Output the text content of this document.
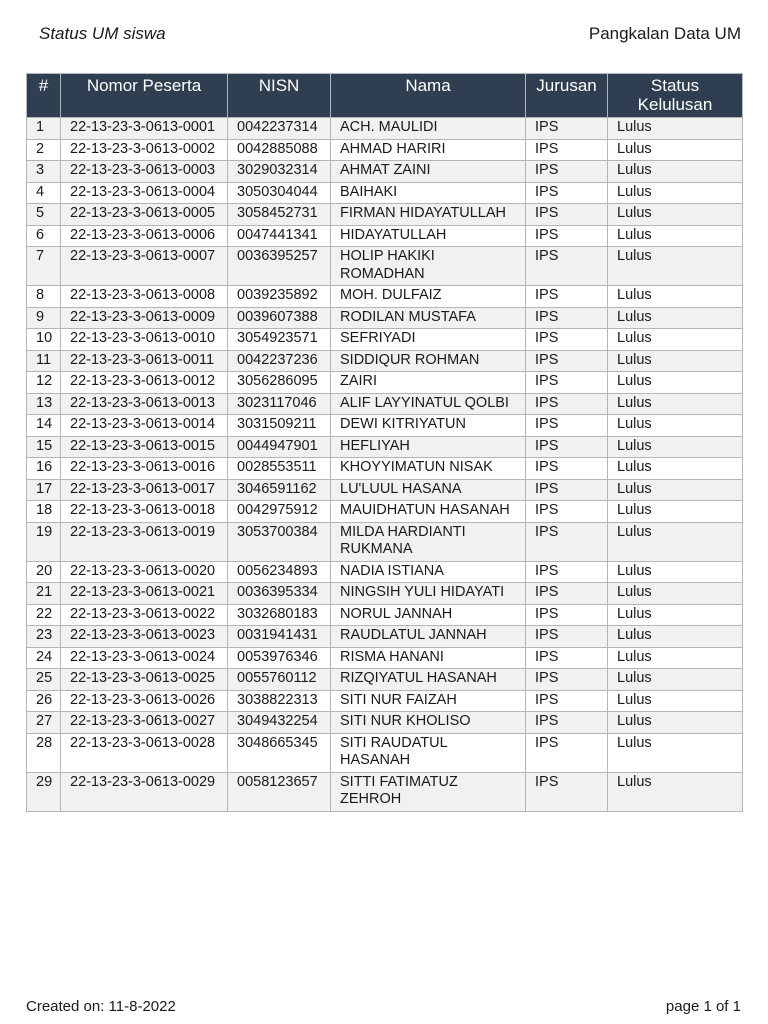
Status UM siswa	Pangkalan Data UM
#	Nomor Peserta	NISN	Nama	Jurusan	Status Kelulusan
1	22-13-23-3-0613-0001	0042237314	ACH. MAULIDI	IPS	Lulus
2	22-13-23-3-0613-0002	0042885088	AHMAD HARIRI	IPS	Lulus
3	22-13-23-3-0613-0003	3029032314	AHMAT ZAINI	IPS	Lulus
4	22-13-23-3-0613-0004	3050304044	BAIHAKI	IPS	Lulus
5	22-13-23-3-0613-0005	3058452731	FIRMAN HIDAYATULLAH	IPS	Lulus
6	22-13-23-3-0613-0006	0047441341	HIDAYATULLAH	IPS	Lulus
7	22-13-23-3-0613-0007	0036395257	HOLIP HAKIKI ROMADHAN	IPS	Lulus
8	22-13-23-3-0613-0008	0039235892	MOH. DULFAIZ	IPS	Lulus
9	22-13-23-3-0613-0009	0039607388	RODILAN MUSTAFA	IPS	Lulus
10	22-13-23-3-0613-0010	3054923571	SEFRIYADI	IPS	Lulus
11	22-13-23-3-0613-0011	0042237236	SIDDIQUR ROHMAN	IPS	Lulus
12	22-13-23-3-0613-0012	3056286095	ZAIRI	IPS	Lulus
13	22-13-23-3-0613-0013	3023117046	ALIF LAYYINATUL QOLBI	IPS	Lulus
14	22-13-23-3-0613-0014	3031509211	DEWI KITRIYATUN	IPS	Lulus
15	22-13-23-3-0613-0015	0044947901	HEFLIYAH	IPS	Lulus
16	22-13-23-3-0613-0016	0028553511	KHOYYIMATUN NISAK	IPS	Lulus
17	22-13-23-3-0613-0017	3046591162	LU'LUUL HASANA	IPS	Lulus
18	22-13-23-3-0613-0018	0042975912	MAUIDHATUN HASANAH	IPS	Lulus
19	22-13-23-3-0613-0019	3053700384	MILDA HARDIANTI RUKMANA	IPS	Lulus
20	22-13-23-3-0613-0020	0056234893	NADIA ISTIANA	IPS	Lulus
21	22-13-23-3-0613-0021	0036395334	NINGSIH YULI HIDAYATI	IPS	Lulus
22	22-13-23-3-0613-0022	3032680183	NORUL JANNAH	IPS	Lulus
23	22-13-23-3-0613-0023	0031941431	RAUDLATUL JANNAH	IPS	Lulus
24	22-13-23-3-0613-0024	0053976346	RISMA HANANI	IPS	Lulus
25	22-13-23-3-0613-0025	0055760112	RIZQIYATUL HASANAH	IPS	Lulus
26	22-13-23-3-0613-0026	3038822313	SITI NUR FAIZAH	IPS	Lulus
27	22-13-23-3-0613-0027	3049432254	SITI NUR KHOLISO	IPS	Lulus
28	22-13-23-3-0613-0028	3048665345	SITI RAUDATUL HASANAH	IPS	Lulus
29	22-13-23-3-0613-0029	0058123657	SITTI FATIMATUZ ZEHROH	IPS	Lulus
Created on: 11-8-2022	page 1 of 1
